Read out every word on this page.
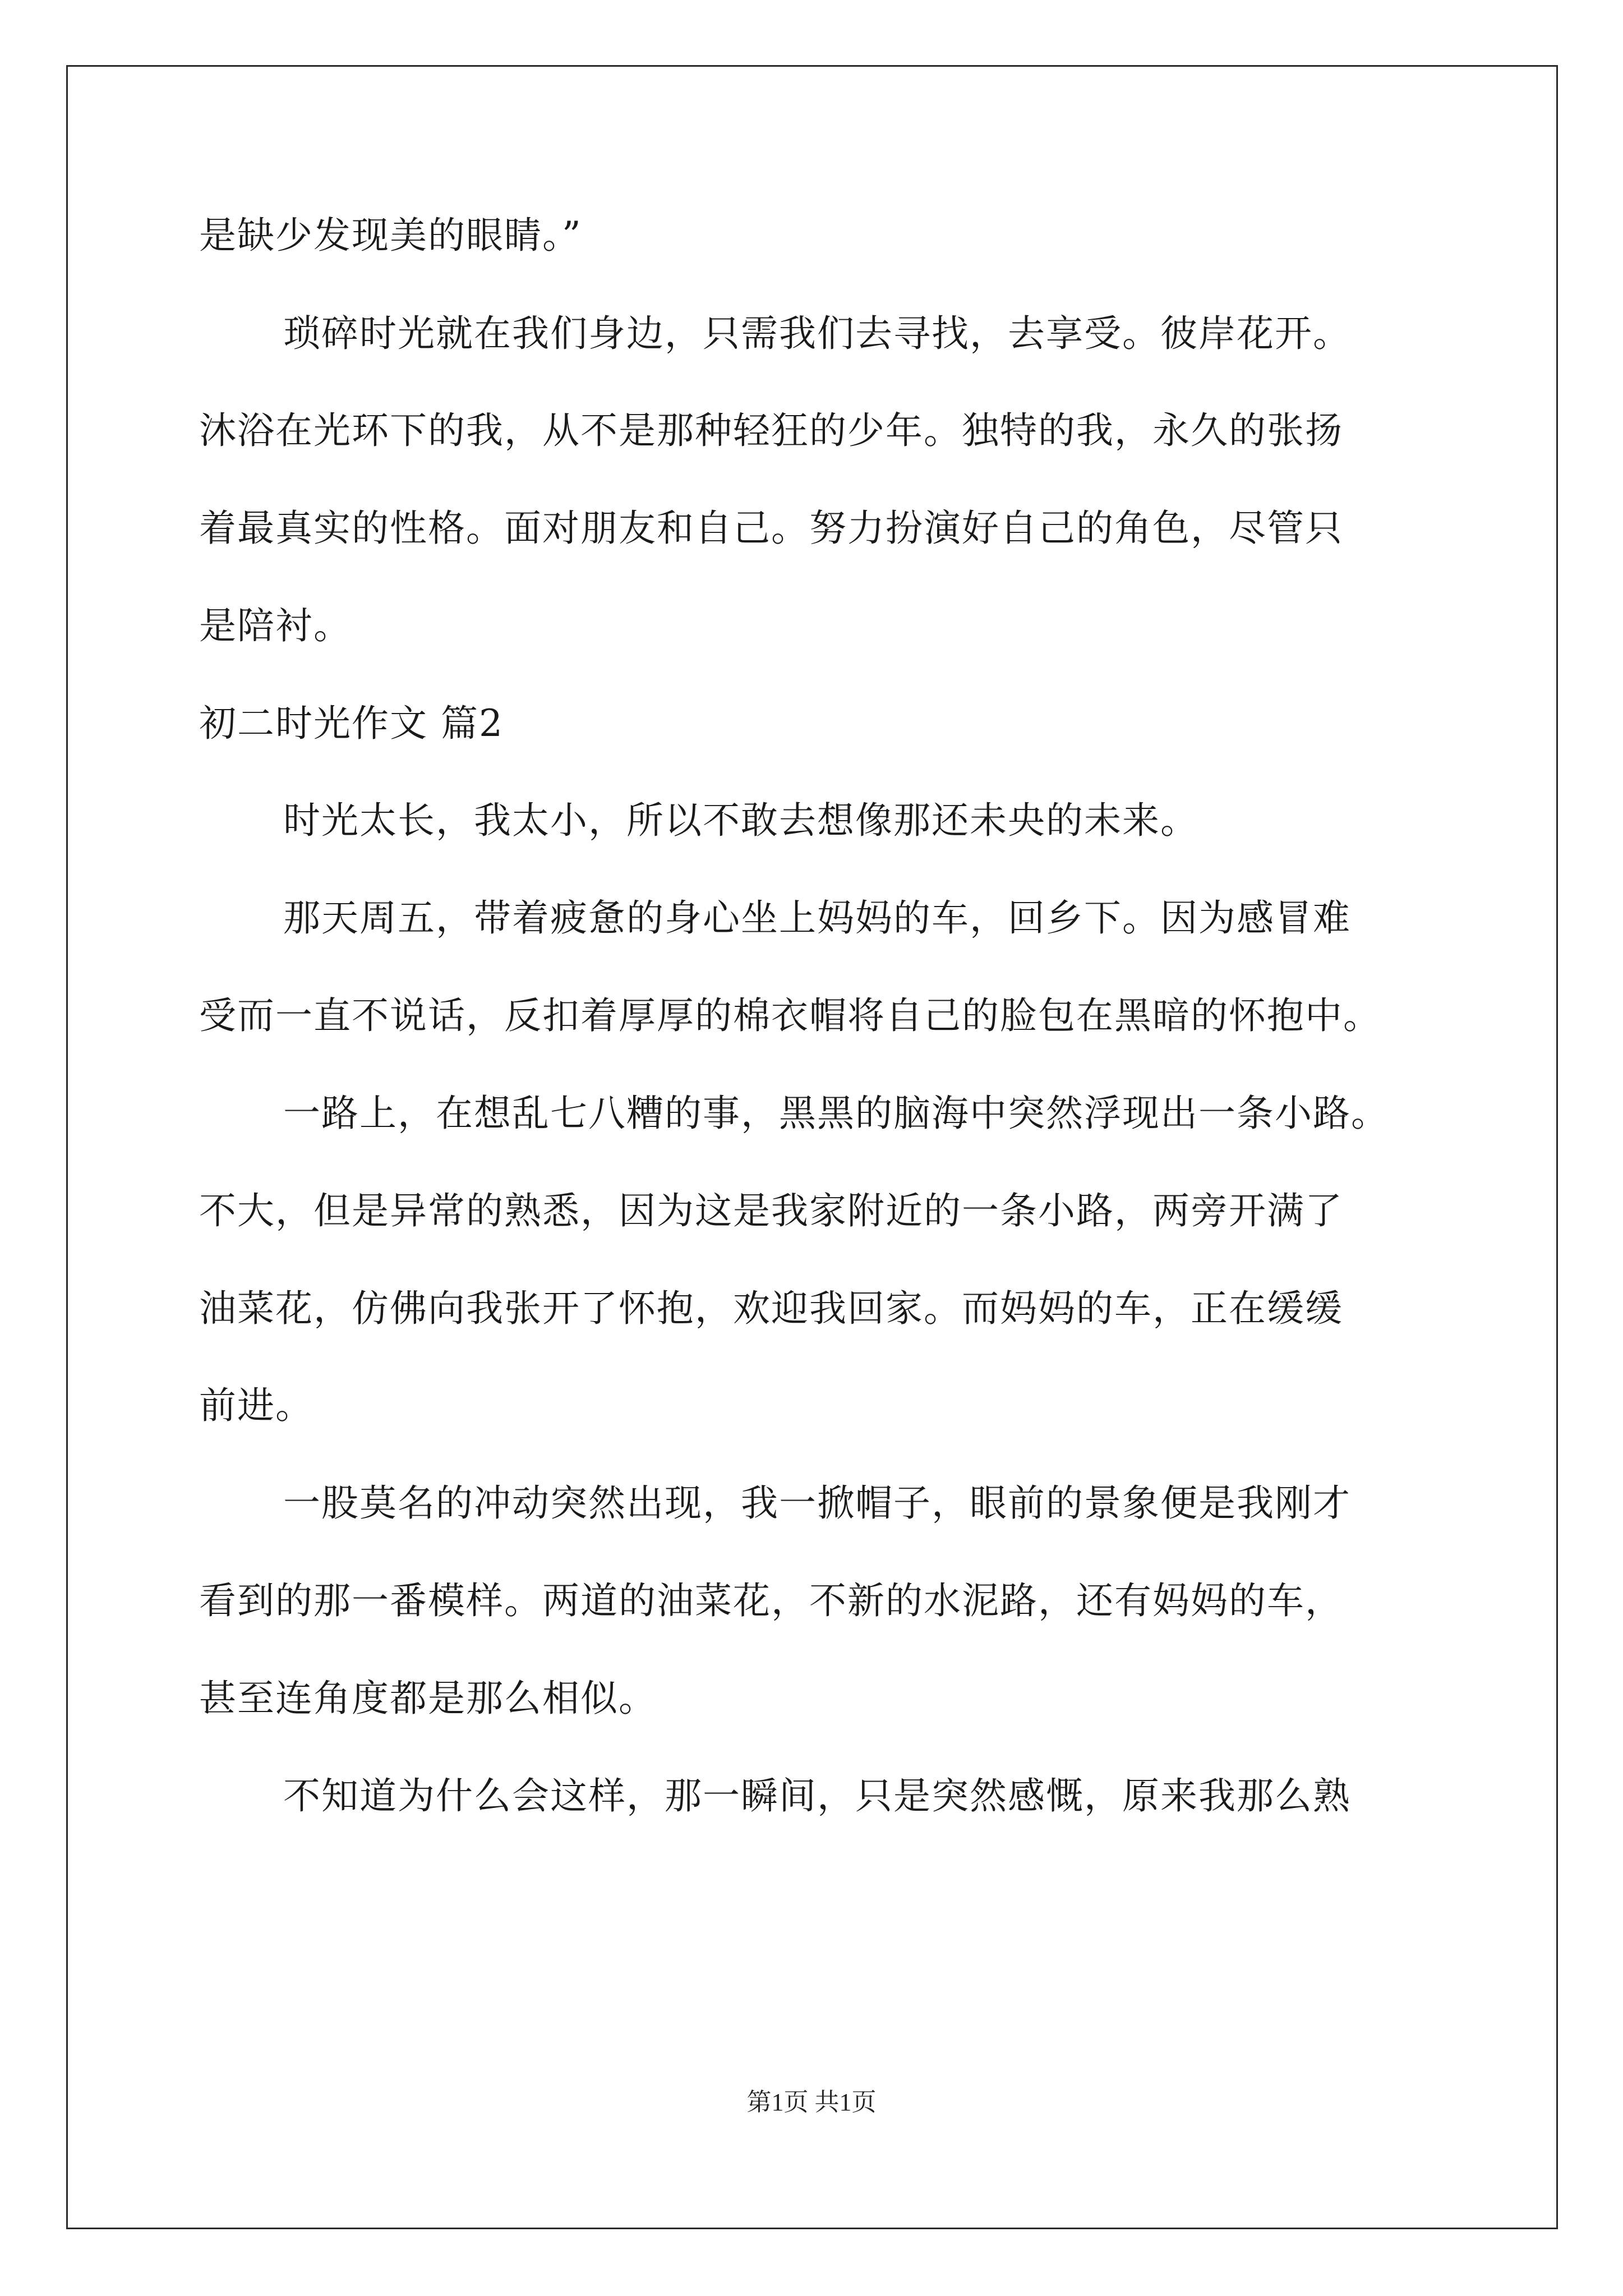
是缺少发现美的眼睛。”
琐碎时光就在我们身边，只需我们去寻找，去享受。彼岸花开。
沐浴在光环下的我，从不是那种轻狂的少年。独特的我，永久的张扬
着最真实的性格。面对朋友和自己。努力扮演好自己的角色，尽管只
是陪衬。
初二时光作文 篇2
时光太长，我太小，所以不敢去想像那还未央的未来。
那天周五，带着疲惫的身心坐上妈妈的车，回乡下。因为感冒难
受而一直不说话，反扣着厚厚的棉衣帽将自己的脸包在黑暗的怀抱中。
一路上，在想乱七八糟的事，黑黑的脑海中突然浮现出一条小路。
不大，但是异常的熟悉，因为这是我家附近的一条小路，两旁开满了
油菜花，仿佛向我张开了怀抱，欢迎我回家。而妈妈的车，正在缓缓
前进。
一股莫名的冲动突然出现，我一掀帽子，眼前的景象便是我刚才
看到的那一番模样。两道的油菜花，不新的水泥路，还有妈妈的车，
甚至连角度都是那么相似。
不知道为什么会这样，那一瞬间，只是突然感慨，原来我那么熟
第1页 共1页
